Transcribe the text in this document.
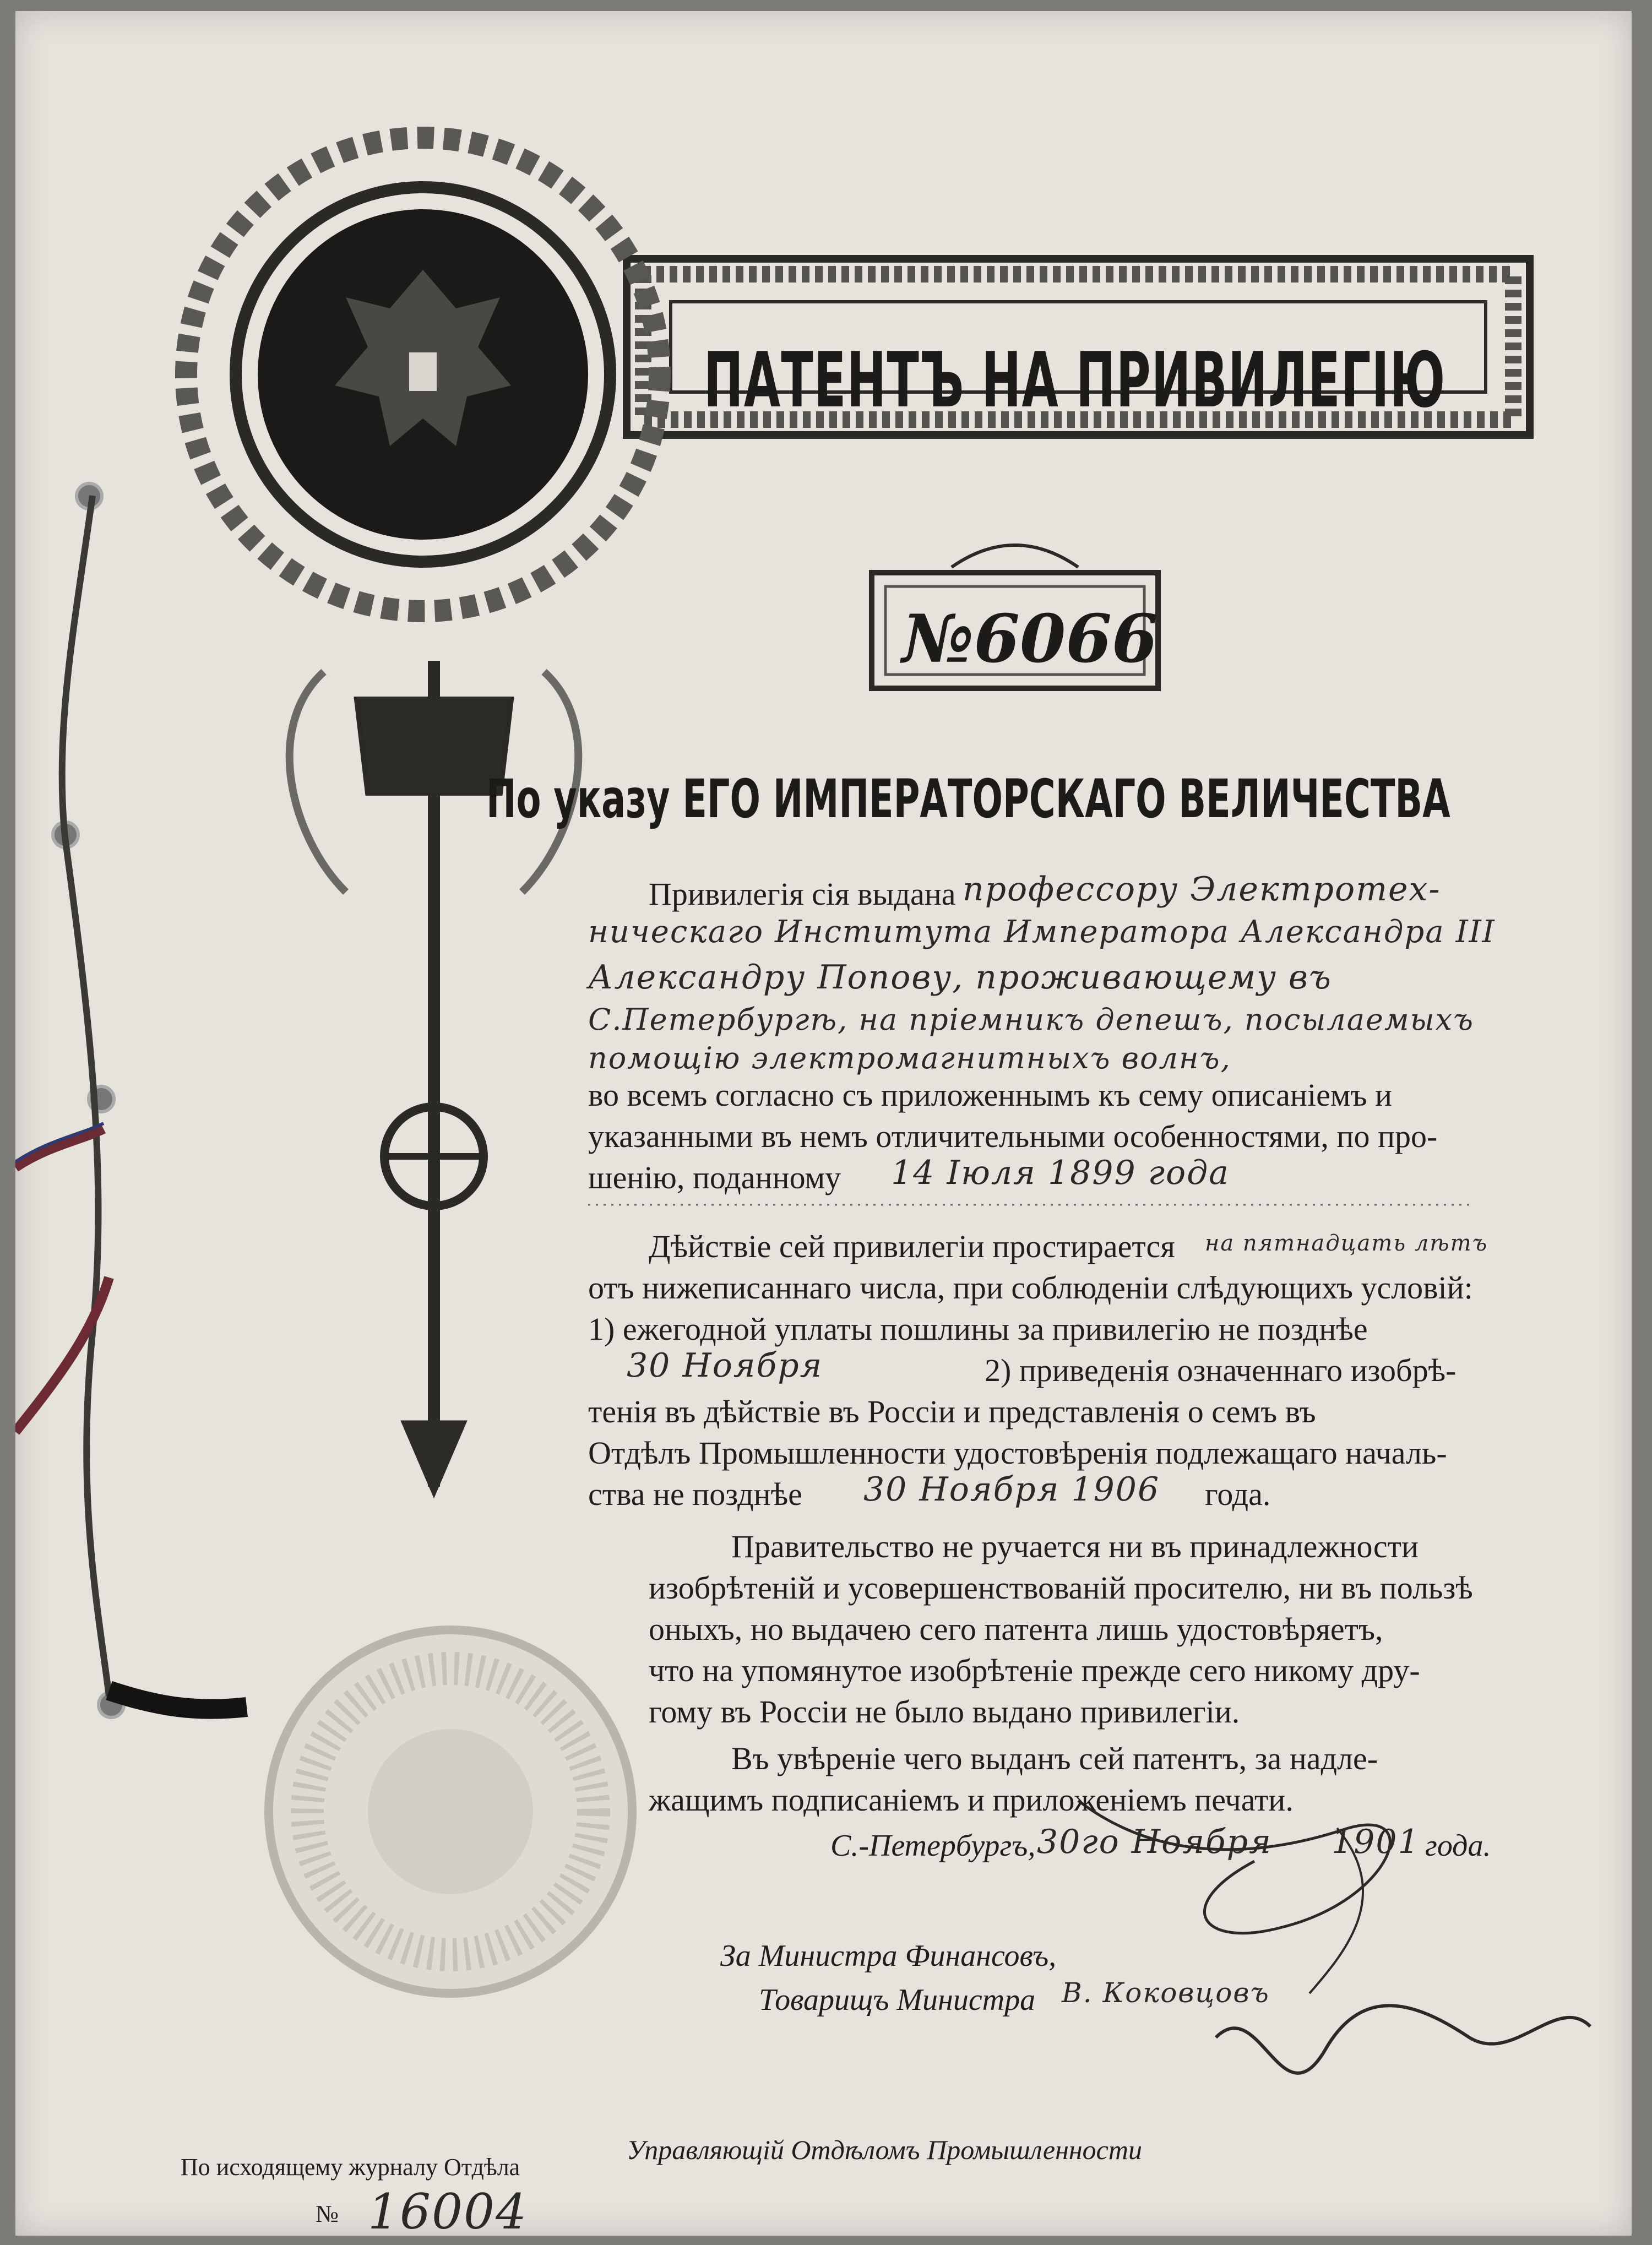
ПАТЕНТЪ НА ПРИВИЛЕГІЮ
№6066
По указу ЕГО ИМПЕРАТОРСКАГО ВЕЛИЧЕСТВА
Привилегія сія выдана профессору Электротех-
ническаго Института Императора Александра III
Александру Попову, проживающему въ
С.Петербургѣ, на пріемникъ депешъ, посылаемыхъ
помощію электромагнитныхъ волнъ,
во всемъ согласно съ приложеннымъ къ сему описаніемъ и
указанными въ немъ отличительными особенностями, по про-
шенію, поданному 14 Іюля 1899 года
Дѣйствіе сей привилегіи простирается на пятнадцать лѣтъ
отъ нижеписаннаго числа, при соблюденіи слѣдующихъ условій:
1) ежегодной уплаты пошлины за привилегію не позднѣе
30 Ноября	2) приведенія означеннаго изобрѣ-
тенія въ дѣйствіе въ Россіи и представленія о семъ въ
Отдѣлъ Промышленности удостовѣренія подлежащаго началь-
ства не позднѣе 30 Ноября 1906 года.
Правительство не ручается ни въ принадлежности
изобрѣтеній и усовершенствованій просителю, ни въ пользѣ
оныхъ, но выдачею сего патента лишь удостовѣряетъ,
что на упомянутое изобрѣтеніе прежде сего никому дру-
гому въ Россіи не было выдано привилегіи.
Въ увѣреніе чего выданъ сей патентъ, за надле-
жащимъ подписаніемъ и приложеніемъ печати.
С.-Петербургъ, 30го Ноября 1901 года.
За Министра Финансовъ,
Товарищъ Министра В. Коковцовъ
Управляющій Отдѣломъ Промышленности
По исходящему журналу Отдѣла
№ 16004
